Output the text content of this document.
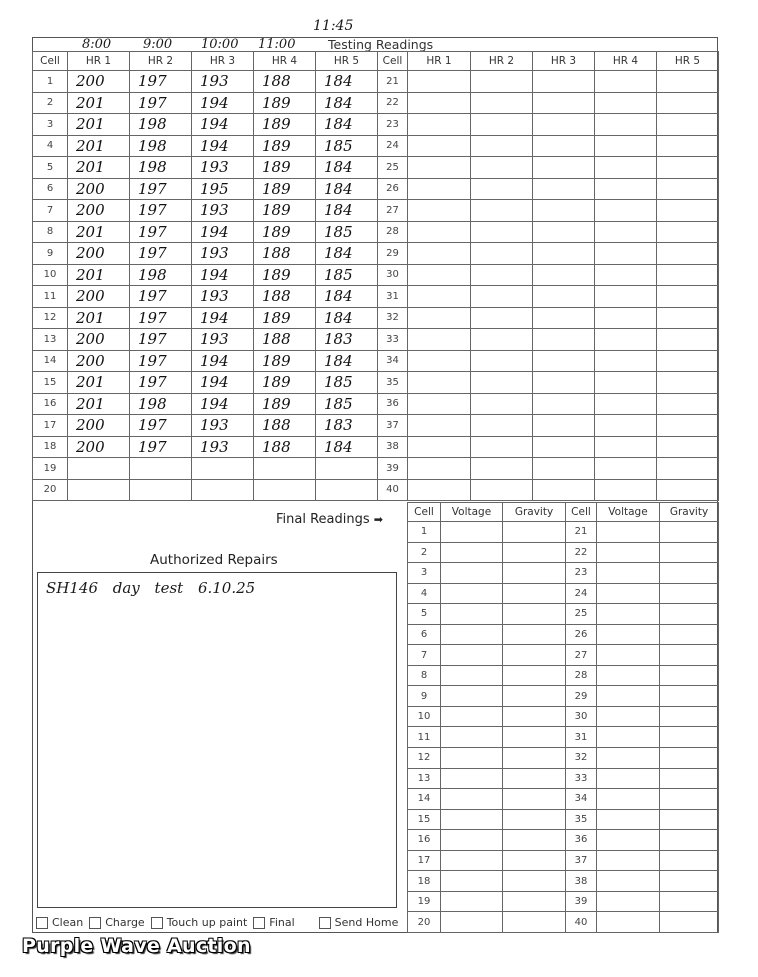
11:45
8:00 9:00 10:00 11:00	Testing Readings
Cell	HR 1	HR 2	HR 3	HR 4	HR 5	Cell	HR 1	HR 2	HR 3	HR 4	HR 5
1	200	197	193	188	184	21					
2	201	197	194	189	184	22					
3	201	198	194	189	184	23					
4	201	198	194	189	185	24					
5	201	198	193	189	184	25					
6	200	197	195	189	184	26					
7	200	197	193	189	184	27					
8	201	197	194	189	185	28					
9	200	197	193	188	184	29					
10	201	198	194	189	185	30					
11	200	197	193	188	184	31					
12	201	197	194	189	184	32					
13	200	197	193	188	183	33					
14	200	197	194	189	184	34					
15	201	197	194	189	185	35					
16	201	198	194	189	185	36					
17	200	197	193	188	183	37					
18	200	197	193	188	184	38					
19						39					
20						40					
Final Readings ➡
Cell	Voltage	Gravity	Cell	Voltage	Gravity
1			21		
2			22		
3			23		
4			24		
5			25		
6			26		
7			27		
8			28		
9			29		
10			30		
11			31		
12			32		
13			33		
14			34		
15			35		
16			36		
17			37		
18			38		
19			39		
20			40		
Authorized Repairs
SH146 day test 6.10.25
Clean Charge Touch up paint Final	Send Home
Purple Wave Auction
